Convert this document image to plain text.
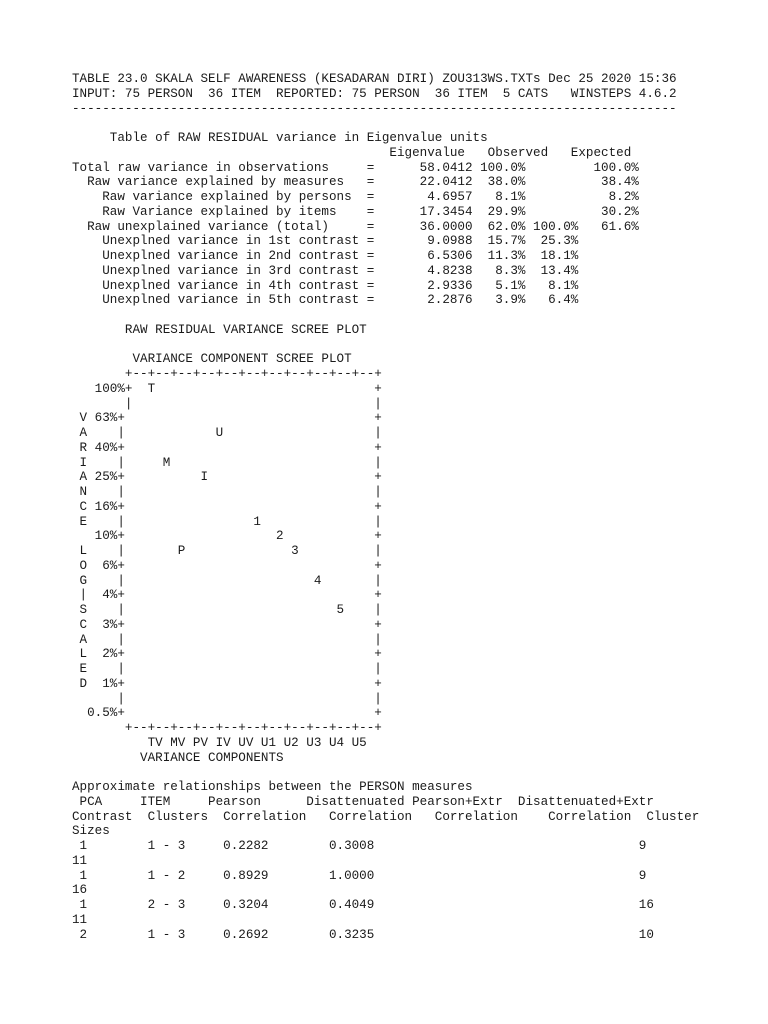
TABLE 23.0 SKALA SELF AWARENESS (KESADARAN DIRI) ZOU313WS.TXTs Dec 25 2020 15:36
INPUT: 75 PERSON  36 ITEM  REPORTED: 75 PERSON  36 ITEM  5 CATS   WINSTEPS 4.6.2
--------------------------------------------------------------------------------
Table of RAW RESIDUAL variance in Eigenvalue units
Eigenvalue   Observed   Expected
Total raw variance in observations     =      58.0412 100.0%         100.0%
Raw variance explained by measures   =      22.0412  38.0%          38.4%
Raw variance explained by persons  =       4.6957   8.1%           8.2%
Raw Variance explained by items    =      17.3454  29.9%          30.2%
Raw unexplained variance (total)     =      36.0000  62.0% 100.0%   61.6%
Unexplned variance in 1st contrast =       9.0988  15.7%  25.3%
Unexplned variance in 2nd contrast =       6.5306  11.3%  18.1%
Unexplned variance in 3rd contrast =       4.8238   8.3%  13.4%
Unexplned variance in 4th contrast =       2.9336   5.1%   8.1%
Unexplned variance in 5th contrast =       2.2876   3.9%   6.4%
RAW RESIDUAL VARIANCE SCREE PLOT
VARIANCE COMPONENT SCREE PLOT
+--+--+--+--+--+--+--+--+--+--+--+
100%+  T                             +
|                                |
V 63%+                                 +
A    |            U                    |
R 40%+                                 +
I    |     M                           |
A 25%+          I                      +
N    |                                 |
C 16%+                                 +
E    |                 1               |
10%+                    2            +
L    |       P              3          |
O  6%+                                 +
G    |                         4       |
|  4%+                                 +
S    |                            5    |
C  3%+                                 +
A    |                                 |
L  2%+                                 +
E    |                                 |
D  1%+                                 +
|                                 |
0.5%+                                 +
+--+--+--+--+--+--+--+--+--+--+--+
TV MV PV IV UV U1 U2 U3 U4 U5
VARIANCE COMPONENTS
Approximate relationships between the PERSON measures
PCA     ITEM     Pearson      Disattenuated Pearson+Extr  Disattenuated+Extr
Contrast  Clusters  Correlation   Correlation   Correlation    Correlation  Cluster
Sizes
1        1 - 3     0.2282        0.3008                                   9
11
1        1 - 2     0.8929        1.0000                                   9
16
1        2 - 3     0.3204        0.4049                                   16
11
2        1 - 3     0.2692        0.3235                                   10
